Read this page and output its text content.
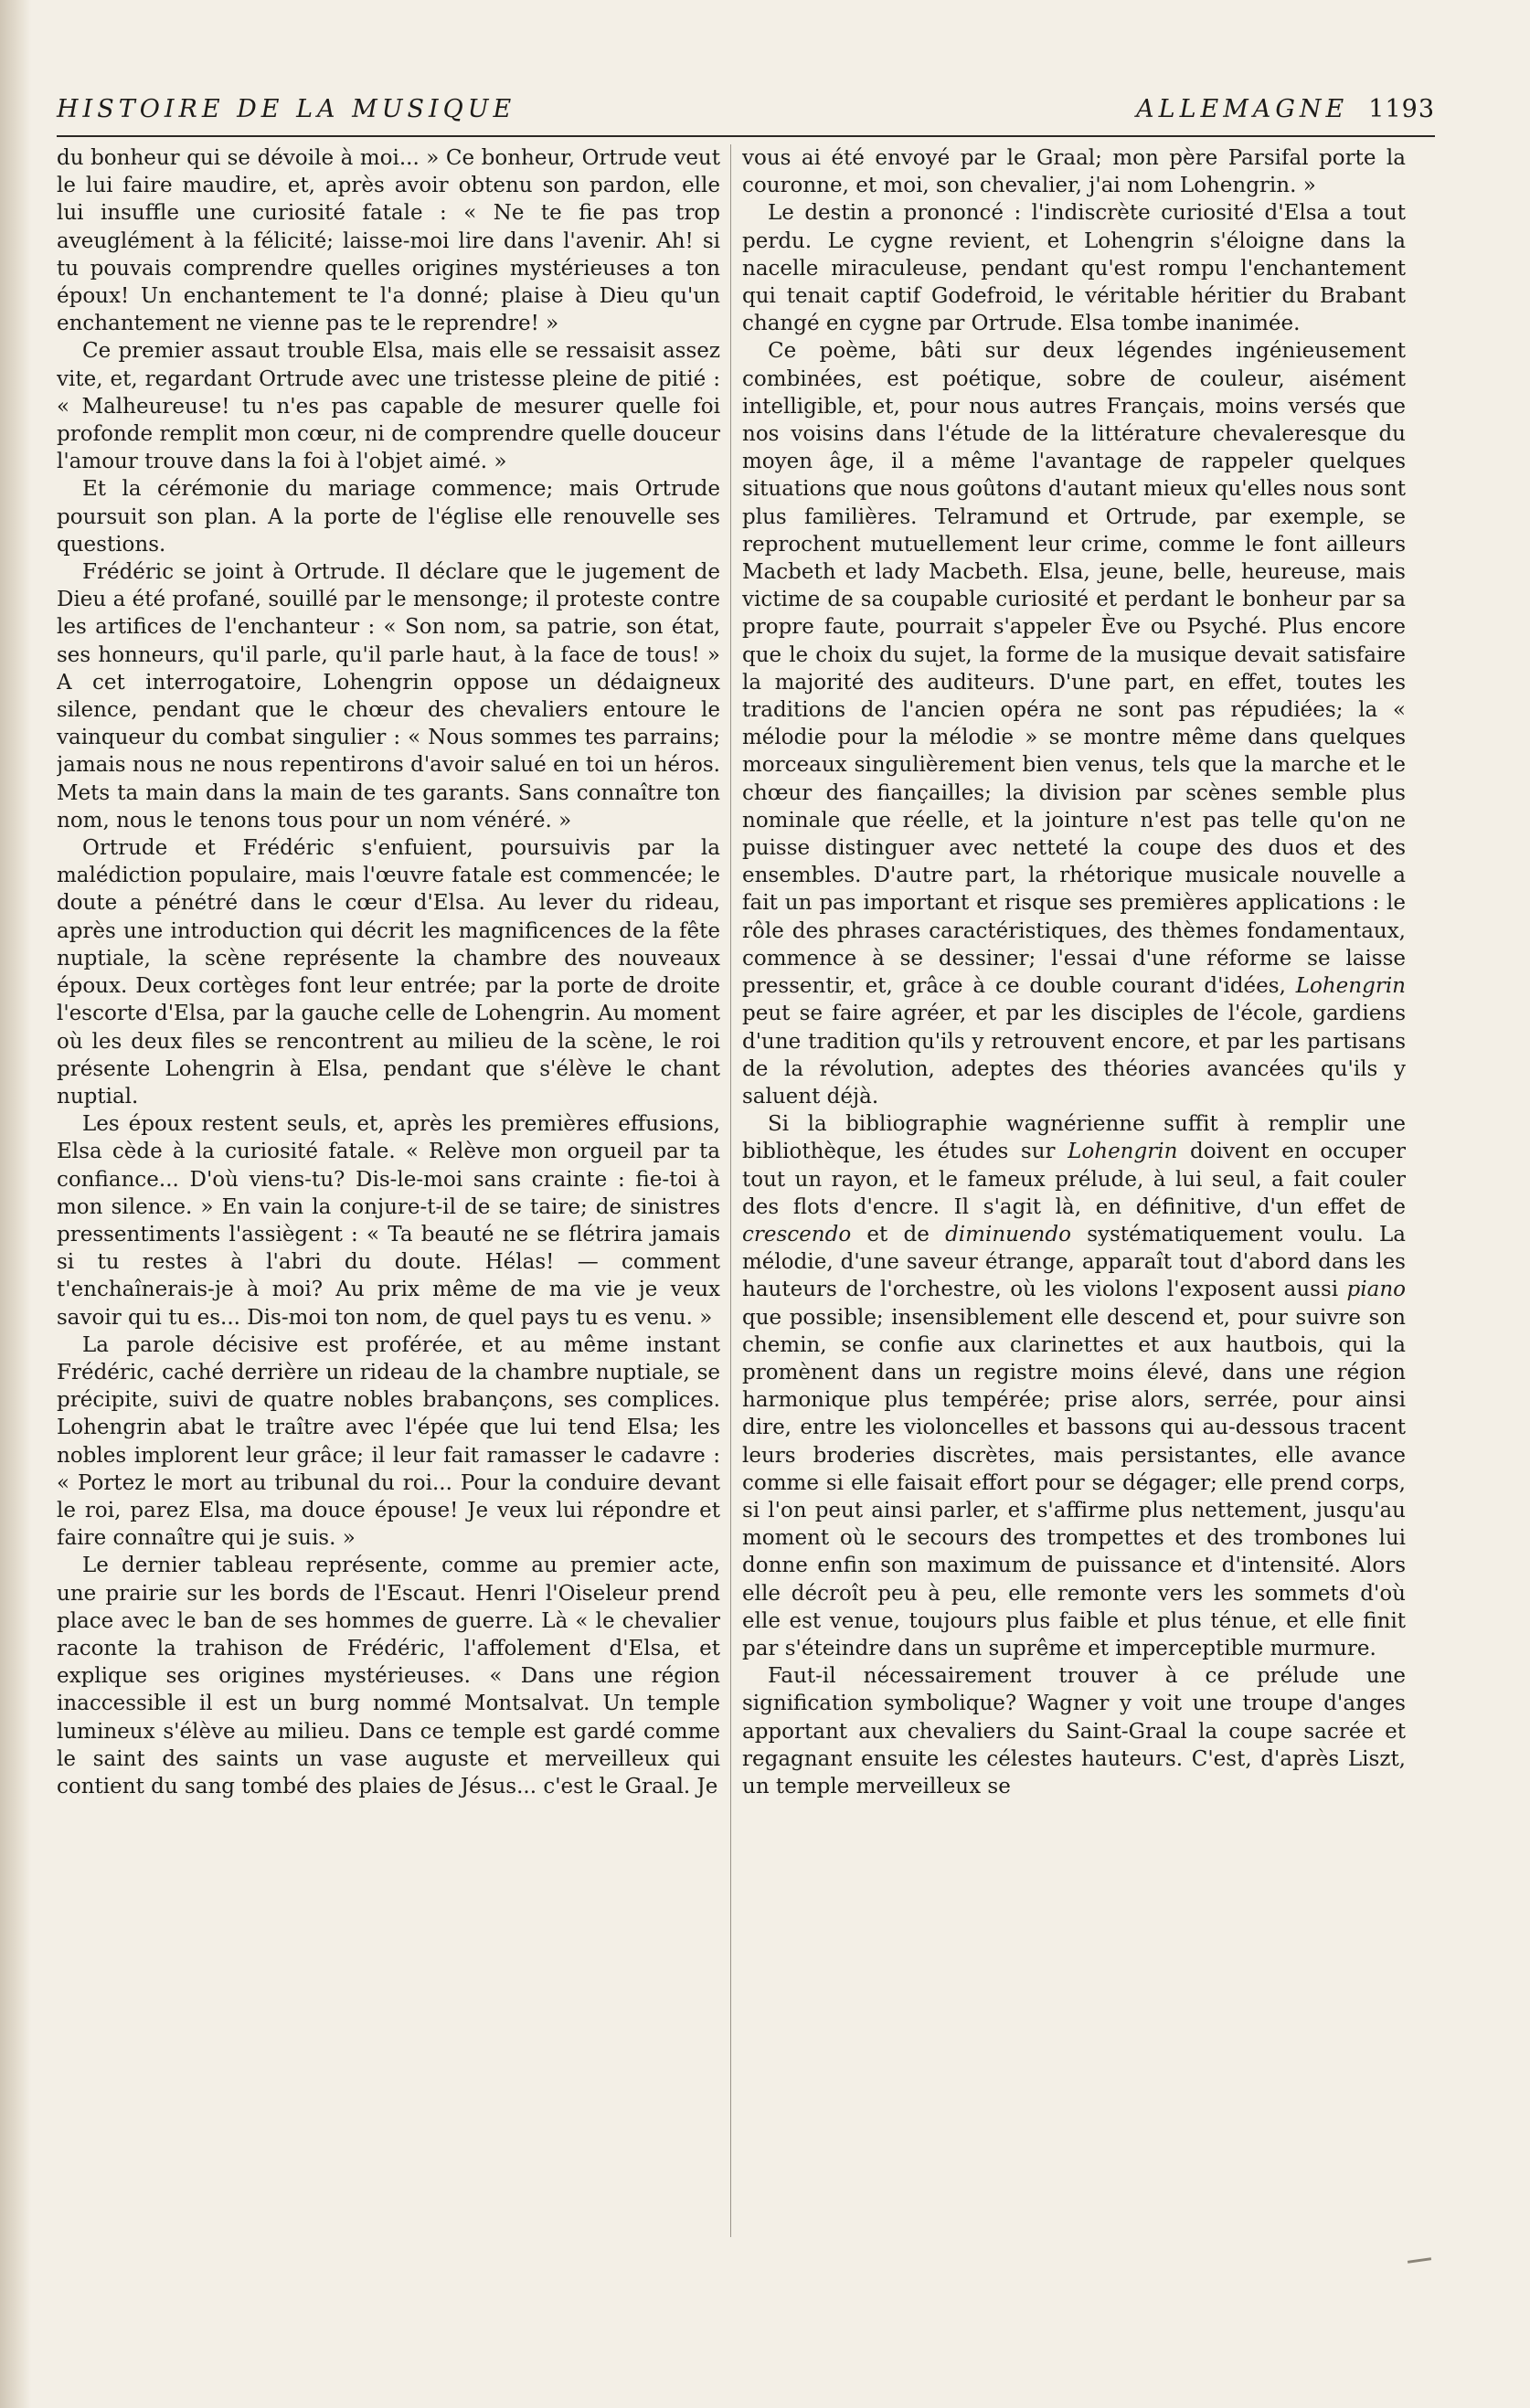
HISTOIRE DE LA MUSIQUE	ALLEMAGNE 1193

du bonheur qui se dévoile à moi... » Ce bonheur, Ortrude veut le lui faire maudire, et, après avoir obtenu son pardon, elle lui insuffle une curiosité fatale : « Ne te fie pas trop aveuglément à la félicité; laisse-moi lire dans l'avenir. Ah! si tu pouvais comprendre quelles origines mystérieuses a ton époux! Un enchantement te l'a donné; plaise à Dieu qu'un enchantement ne vienne pas te le reprendre! »

Ce premier assaut trouble Elsa, mais elle se ressaisit assez vite, et, regardant Ortrude avec une tristesse pleine de pitié : « Malheureuse! tu n'es pas capable de mesurer quelle foi profonde remplit mon cœur, ni de comprendre quelle douceur l'amour trouve dans la foi à l'objet aimé. »

Et la cérémonie du mariage commence; mais Ortrude poursuit son plan. A la porte de l'église elle renouvelle ses questions.

Frédéric se joint à Ortrude. Il déclare que le jugement de Dieu a été profané, souillé par le mensonge; il proteste contre les artifices de l'enchanteur : « Son nom, sa patrie, son état, ses honneurs, qu'il parle, qu'il parle haut, à la face de tous! » A cet interrogatoire, Lohengrin oppose un dédaigneux silence, pendant que le chœur des chevaliers entoure le vainqueur du combat singulier : « Nous sommes tes parrains; jamais nous ne nous repentirons d'avoir salué en toi un héros. Mets ta main dans la main de tes garants. Sans connaître ton nom, nous le tenons tous pour un nom vénéré. »

Ortrude et Frédéric s'enfuient, poursuivis par la malédiction populaire, mais l'œuvre fatale est commencée; le doute a pénétré dans le cœur d'Elsa. Au lever du rideau, après une introduction qui décrit les magnificences de la fête nuptiale, la scène représente la chambre des nouveaux époux. Deux cortèges font leur entrée; par la porte de droite l'escorte d'Elsa, par la gauche celle de Lohengrin. Au moment où les deux files se rencontrent au milieu de la scène, le roi présente Lohengrin à Elsa, pendant que s'élève le chant nuptial.

Les époux restent seuls, et, après les premières effusions, Elsa cède à la curiosité fatale. « Relève mon orgueil par ta confiance... D'où viens-tu? Dis-le-moi sans crainte : fie-toi à mon silence. » En vain la conjure-t-il de se taire; de sinistres pressentiments l'assiègent : « Ta beauté ne se flétrira jamais si tu restes à l'abri du doute. Hélas! — comment t'enchaînerais-je à moi? Au prix même de ma vie je veux savoir qui tu es... Dis-moi ton nom, de quel pays tu es venu. »

La parole décisive est proférée, et au même instant Frédéric, caché derrière un rideau de la chambre nuptiale, se précipite, suivi de quatre nobles brabançons, ses complices. Lohengrin abat le traître avec l'épée que lui tend Elsa; les nobles implorent leur grâce; il leur fait ramasser le cadavre : « Portez le mort au tribunal du roi... Pour la conduire devant le roi, parez Elsa, ma douce épouse! Je veux lui répondre et faire connaître qui je suis. »

Le dernier tableau représente, comme au premier acte, une prairie sur les bords de l'Escaut. Henri l'Oiseleur prend place avec le ban de ses hommes de guerre. Là « le chevalier raconte la trahison de Frédéric, l'affolement d'Elsa, et explique ses origines mystérieuses. « Dans une région inaccessible il est un burg nommé Montsalvat. Un temple lumineux s'élève au milieu. Dans ce temple est gardé comme le saint des saints un vase auguste et merveilleux qui contient du sang tombé des plaies de Jésus... c'est le Graal. Je

vous ai été envoyé par le Graal; mon père Parsifal porte la couronne, et moi, son chevalier, j'ai nom Lohengrin. »

Le destin a prononcé : l'indiscrète curiosité d'Elsa a tout perdu. Le cygne revient, et Lohengrin s'éloigne dans la nacelle miraculeuse, pendant qu'est rompu l'enchantement qui tenait captif Godefroid, le véritable héritier du Brabant changé en cygne par Ortrude. Elsa tombe inanimée.

Ce poème, bâti sur deux légendes ingénieusement combinées, est poétique, sobre de couleur, aisément intelligible, et, pour nous autres Français, moins versés que nos voisins dans l'étude de la littérature chevaleresque du moyen âge, il a même l'avantage de rappeler quelques situations que nous goûtons d'autant mieux qu'elles nous sont plus familières. Telramund et Ortrude, par exemple, se reprochent mutuellement leur crime, comme le font ailleurs Macbeth et lady Macbeth. Elsa, jeune, belle, heureuse, mais victime de sa coupable curiosité et perdant le bonheur par sa propre faute, pourrait s'appeler Ève ou Psyché. Plus encore que le choix du sujet, la forme de la musique devait satisfaire la majorité des auditeurs. D'une part, en effet, toutes les traditions de l'ancien opéra ne sont pas répudiées; la « mélodie pour la mélodie » se montre même dans quelques morceaux singulièrement bien venus, tels que la marche et le chœur des fiançailles; la division par scènes semble plus nominale que réelle, et la jointure n'est pas telle qu'on ne puisse distinguer avec netteté la coupe des duos et des ensembles. D'autre part, la rhétorique musicale nouvelle a fait un pas important et risque ses premières applications : le rôle des phrases caractéristiques, des thèmes fondamentaux, commence à se dessiner; l'essai d'une réforme se laisse pressentir, et, grâce à ce double courant d'idées, Lohengrin peut se faire agréer, et par les disciples de l'école, gardiens d'une tradition qu'ils y retrouvent encore, et par les partisans de la révolution, adeptes des théories avancées qu'ils y saluent déjà.

Si la bibliographie wagnérienne suffit à remplir une bibliothèque, les études sur Lohengrin doivent en occuper tout un rayon, et le fameux prélude, à lui seul, a fait couler des flots d'encre. Il s'agit là, en définitive, d'un effet de crescendo et de diminuendo systématiquement voulu. La mélodie, d'une saveur étrange, apparaît tout d'abord dans les hauteurs de l'orchestre, où les violons l'exposent aussi piano que possible; insensiblement elle descend et, pour suivre son chemin, se confie aux clarinettes et aux hautbois, qui la promènent dans un registre moins élevé, dans une région harmonique plus tempérée; prise alors, serrée, pour ainsi dire, entre les violoncelles et bassons qui au-dessous tracent leurs broderies discrètes, mais persistantes, elle avance comme si elle faisait effort pour se dégager; elle prend corps, si l'on peut ainsi parler, et s'affirme plus nettement, jusqu'au moment où le secours des trompettes et des trombones lui donne enfin son maximum de puissance et d'intensité. Alors elle décroît peu à peu, elle remonte vers les sommets d'où elle est venue, toujours plus faible et plus ténue, et elle finit par s'éteindre dans un suprême et imperceptible murmure.

Faut-il nécessairement trouver à ce prélude une signification symbolique? Wagner y voit une troupe d'anges apportant aux chevaliers du Saint-Graal la coupe sacrée et regagnant ensuite les célestes hauteurs. C'est, d'après Liszt, un temple merveilleux se
